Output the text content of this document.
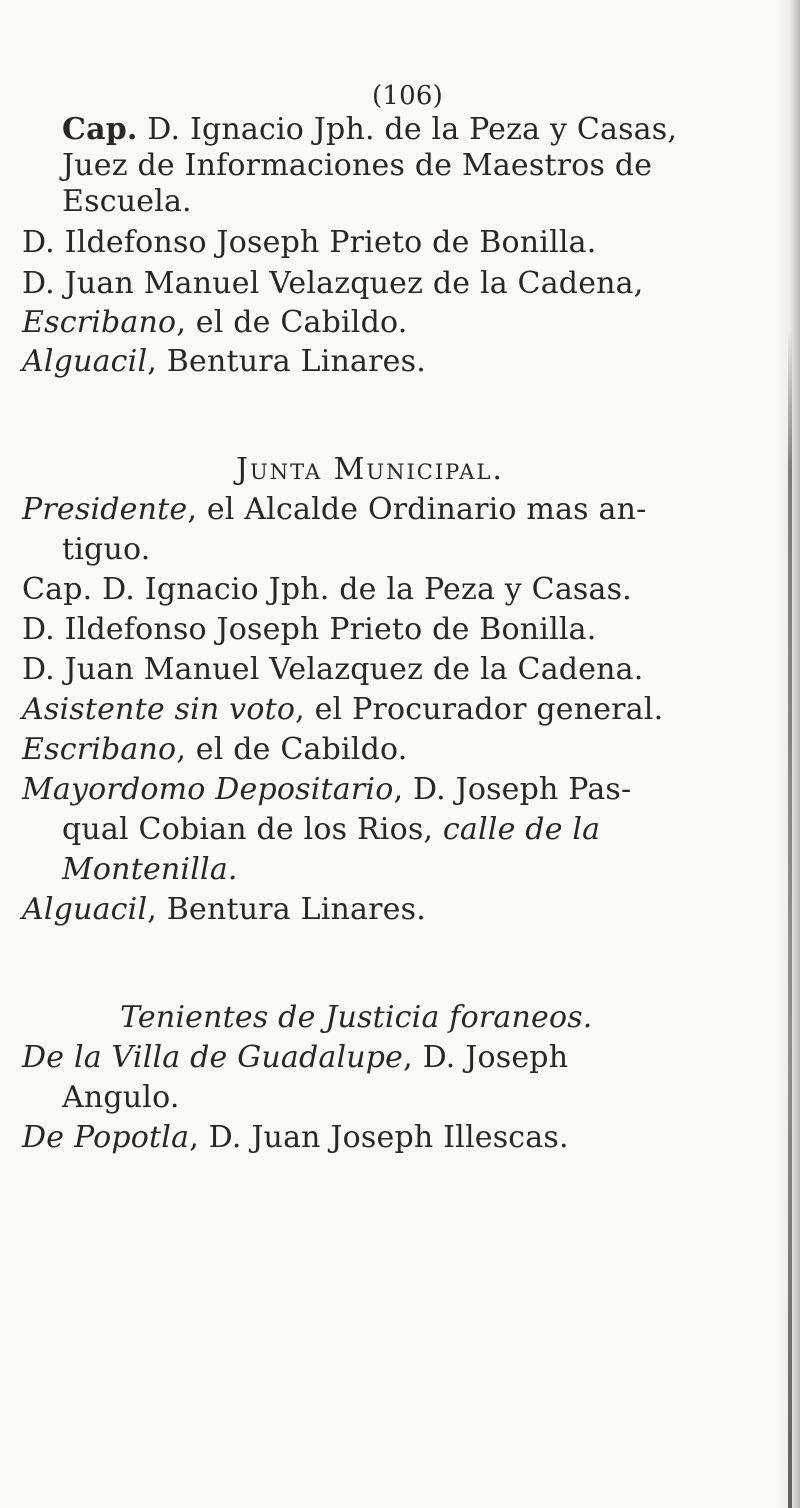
(106)
Cap. D. Ignacio Jph. de la Peza y Casas,
Juez de Informaciones de Maestros de
Escuela.
D. Ildefonso Joseph Prieto de Bonilla.
D. Juan Manuel Velazquez de la Cadena,
Escribano, el de Cabildo.
Alguacil, Bentura Linares.
Junta Municipal.
Presidente, el Alcalde Ordinario mas an-
tiguo.
Cap. D. Ignacio Jph. de la Peza y Casas.
D. Ildefonso Joseph Prieto de Bonilla.
D. Juan Manuel Velazquez de la Cadena.
Asistente sin voto, el Procurador general.
Escribano, el de Cabildo.
Mayordomo Depositario, D. Joseph Pas-
qual Cobian de los Rios, calle de la
Montenilla.
Alguacil, Bentura Linares.
Tenientes de Justicia foraneos.
De la Villa de Guadalupe, D. Joseph
Angulo.
De Popotla, D. Juan Joseph Illescas.
